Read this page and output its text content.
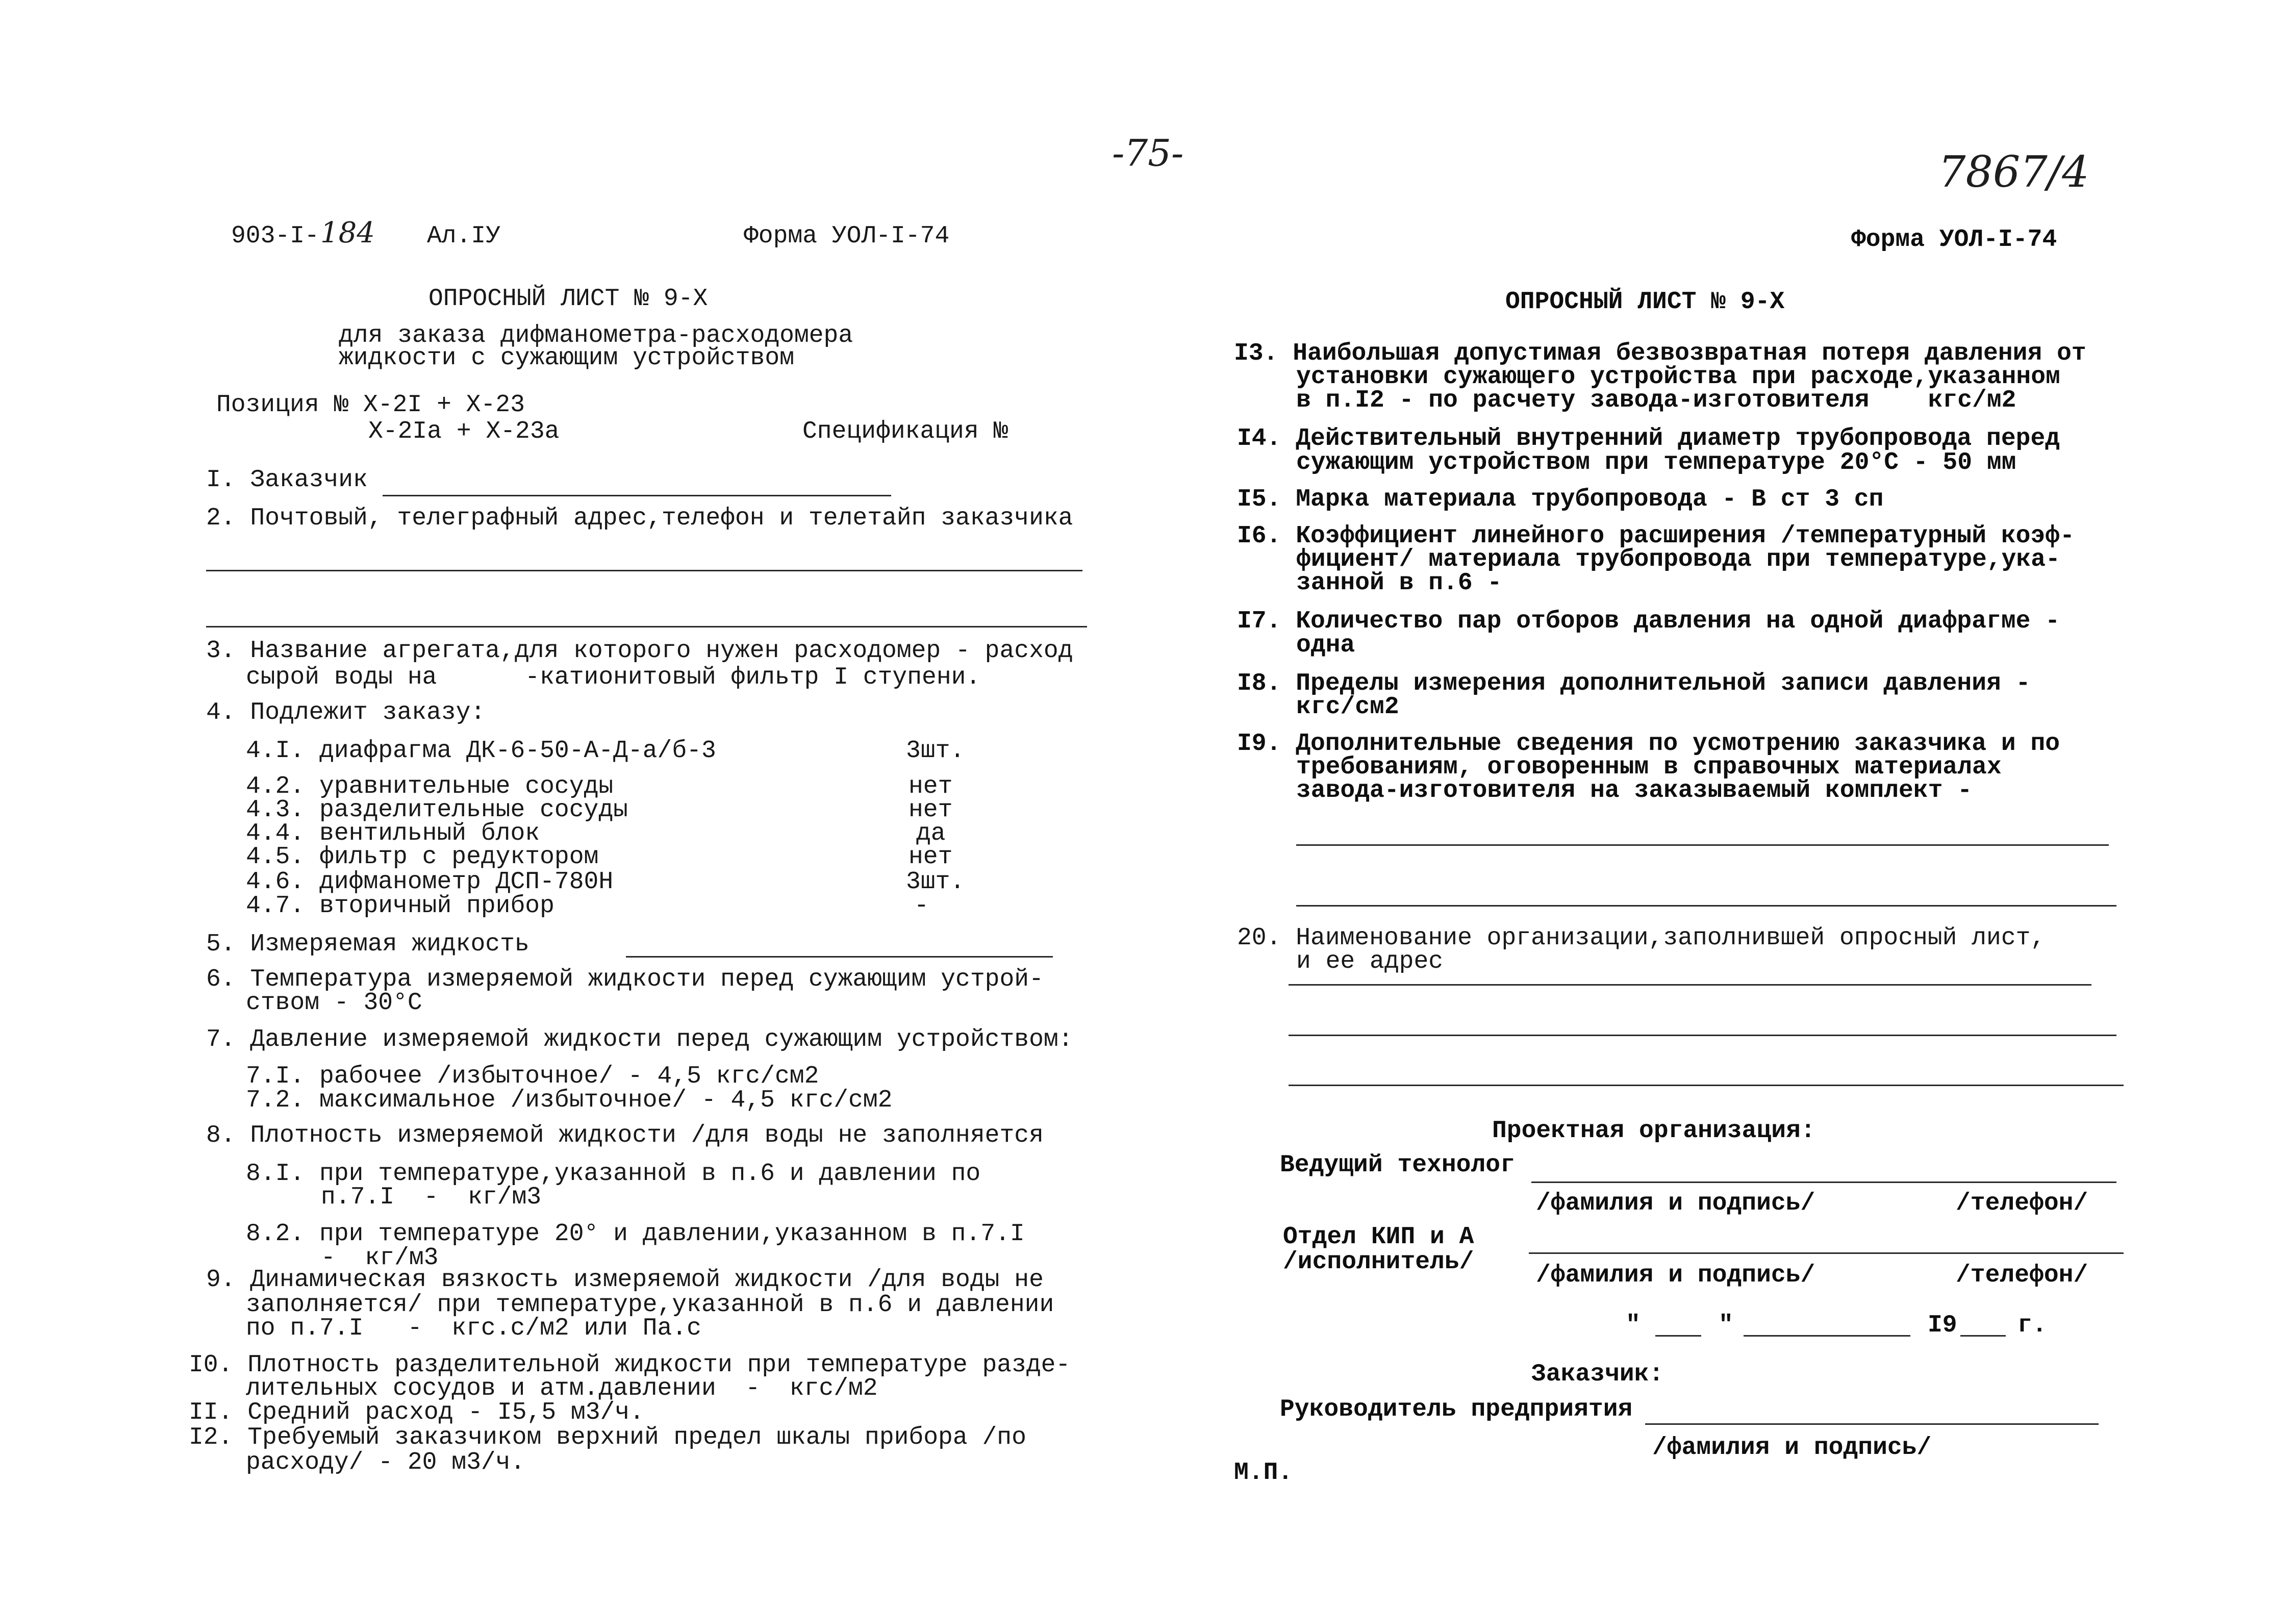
-75-	7867/4
903-I- 184 Ал.IУ	Форма УОЛ-I-74
ОПРОСНЫЙ ЛИСТ № 9-Х
для заказа дифманометра-расходомера
жидкости с сужающим устройством
Позиция № Х-2I + Х-23
Х-2Iа + Х-23а	Спецификация №
I. Заказчик
2. Почтовый, телеграфный адрес,телефон и телетайп заказчика
3. Название агрегата,для которого нужен расходомер - расход
сырой воды на      -катионитовый фильтр I ступени.
4. Подлежит заказу:
4.I. диафрагма ДК-6-50-А-Д-а/б-3	3шт.
4.2. уравнительные сосуды	нет
4.3. разделительные сосуды	нет
4.4. вентильный блок	да
4.5. фильтр с редуктором	нет
4.6. дифманометр ДСП-780Н	3шт.
4.7. вторичный прибор	-
5. Измеряемая жидкость
6. Температура измеряемой жидкости перед сужающим устрой-
ством - 30°С
7. Давление измеряемой жидкости перед сужающим устройством:
7.I. рабочее /избыточное/ - 4,5 кгс/см2
7.2. максимальное /избыточное/ - 4,5 кгс/см2
8. Плотность измеряемой жидкости /для воды не заполняется
8.I. при температуре,указанной в п.6 и давлении по
п.7.I  -  кг/м3
8.2. при температуре 20° и давлении,указанном в п.7.I
-  кг/м3
9. Динамическая вязкость измеряемой жидкости /для воды не
заполняется/ при температуре,указанной в п.6 и давлении
по п.7.I   -  кгс.с/м2 или Па.с
I0. Плотность разделительной жидкости при температуре разде-
лительных сосудов и атм.давлении  -  кгс/м2
II. Средний расход - I5,5 м3/ч.
I2. Требуемый заказчиком верхний предел шкалы прибора /по
расходу/ - 20 м3/ч.
Форма УОЛ-I-74
ОПРОСНЫЙ ЛИСТ № 9-Х
I3. Наибольшая допустимая безвозвратная потеря давления от
установки сужающего устройства при расходе,указанном
в п.I2 - по расчету завода-изготовителя    кгс/м2
I4. Действительный внутренний диаметр трубопровода перед
сужающим устройством при температуре 20°С - 50 мм
I5. Марка материала трубопровода - В ст 3 сп
I6. Коэффициент линейного расширения /температурный коэф-
фициент/ материала трубопровода при температуре,ука-
занной в п.6 -
I7. Количество пар отборов давления на одной диафрагме -
одна
I8. Пределы измерения дополнительной записи давления -
кгс/см2
I9. Дополнительные сведения по усмотрению заказчика и по
требованиям, оговоренным в справочных материалах
завода-изготовителя на заказываемый комплект -
20. Наименование организации,заполнившей опросный лист,
и ее адрес
Проектная организация:
Ведущий технолог
/фамилия и подпись/	/телефон/
Отдел КИП и А
/исполнитель/	/фамилия и подпись/	/телефон/
"	"	I9 г.
Заказчик:
Руководитель предприятия
/фамилия и подпись/
М.П.
